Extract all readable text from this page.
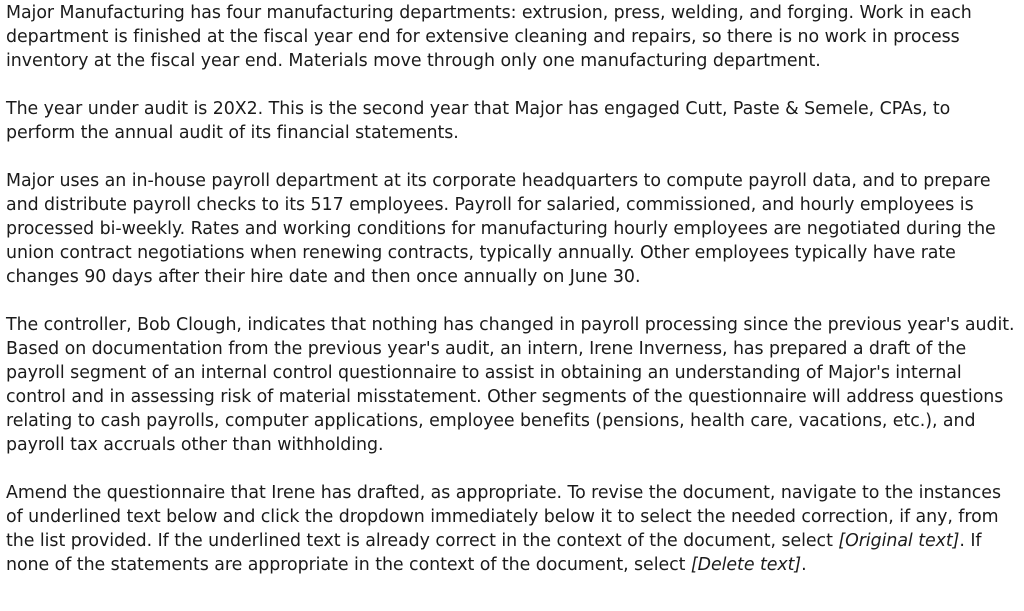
Major Manufacturing has four manufacturing departments: extrusion, press, welding, and forging. Work in each department is finished at the fiscal year end for extensive cleaning and repairs, so there is no work in process inventory at the fiscal year end. Materials move through only one manufacturing department.

The year under audit is 20X2. This is the second year that Major has engaged Cutt, Paste & Semele, CPAs, to perform the annual audit of its financial statements.

Major uses an in-house payroll department at its corporate headquarters to compute payroll data, and to prepare and distribute payroll checks to its 517 employees. Payroll for salaried, commissioned, and hourly employees is processed bi-weekly. Rates and working conditions for manufacturing hourly employees are negotiated during the union contract negotiations when renewing contracts, typically annually. Other employees typically have rate changes 90 days after their hire date and then once annually on June 30.

The controller, Bob Clough, indicates that nothing has changed in payroll processing since the previous year's audit. Based on documentation from the previous year's audit, an intern, Irene Inverness, has prepared a draft of the payroll segment of an internal control questionnaire to assist in obtaining an understanding of Major's internal control and in assessing risk of material misstatement. Other segments of the questionnaire will address questions relating to cash payrolls, computer applications, employee benefits (pensions, health care, vacations, etc.), and payroll tax accruals other than withholding.

Amend the questionnaire that Irene has drafted, as appropriate. To revise the document, navigate to the instances of underlined text below and click the dropdown immediately below it to select the needed correction, if any, from the list provided. If the underlined text is already correct in the context of the document, select [Original text]. If none of the statements are appropriate in the context of the document, select [Delete text].
